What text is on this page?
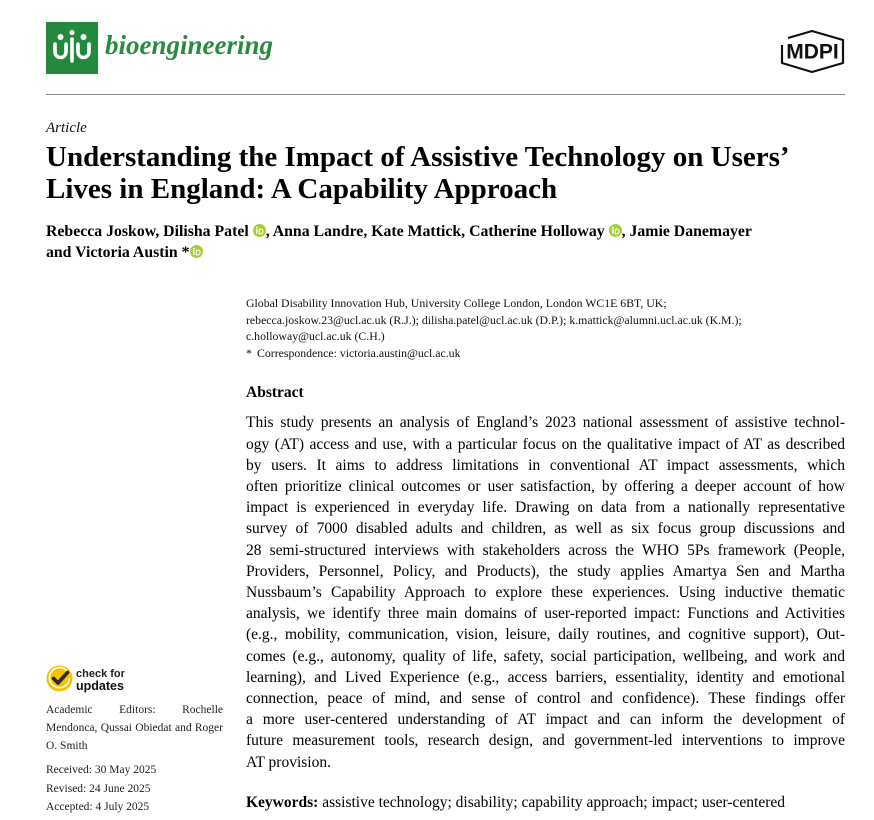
bioengineering	MDPI
Article
Understanding the Impact of Assistive Technology on Users’
Lives in England: A Capability Approach
Rebecca Joskow, Dilisha Patel , Anna Landre, Kate Mattick, Catherine Holloway , Jamie Danemayer
and Victoria Austin *
Global Disability Innovation Hub, University College London, London WC1E 6BT, UK;
rebecca.joskow.23@ucl.ac.uk (R.J.); dilisha.patel@ucl.ac.uk (D.P.); k.mattick@alumni.ucl.ac.uk (K.M.);
c.holloway@ucl.ac.uk (C.H.)
* Correspondence: victoria.austin@ucl.ac.uk
Abstract
This study presents an analysis of England’s 2023 national assessment of assistive technol-
ogy (AT) access and use, with a particular focus on the qualitative impact of AT as described
by users. It aims to address limitations in conventional AT impact assessments, which
often prioritize clinical outcomes or user satisfaction, by offering a deeper account of how
impact is experienced in everyday life. Drawing on data from a nationally representative
survey of 7000 disabled adults and children, as well as six focus group discussions and
28 semi-structured interviews with stakeholders across the WHO 5Ps framework (People,
Providers, Personnel, Policy, and Products), the study applies Amartya Sen and Martha
Nussbaum’s Capability Approach to explore these experiences. Using inductive thematic
analysis, we identify three main domains of user-reported impact: Functions and Activities
(e.g., mobility, communication, vision, leisure, daily routines, and cognitive support), Out-
comes (e.g., autonomy, quality of life, safety, social participation, wellbeing, and work and
learning), and Lived Experience (e.g., access barriers, essentiality, identity and emotional
connection, peace of mind, and sense of control and confidence). These findings offer
a more user-centered understanding of AT impact and can inform the development of
future measurement tools, research design, and government-led interventions to improve
AT provision.
Keywords: assistive technology; disability; capability approach; impact; user-centered
check for
updates
Academic Editors: Rochelle
Mendonca, Qussai Obiedat and Roger
O. Smith
Received: 30 May 2025
Revised: 24 June 2025
Accepted: 4 July 2025
